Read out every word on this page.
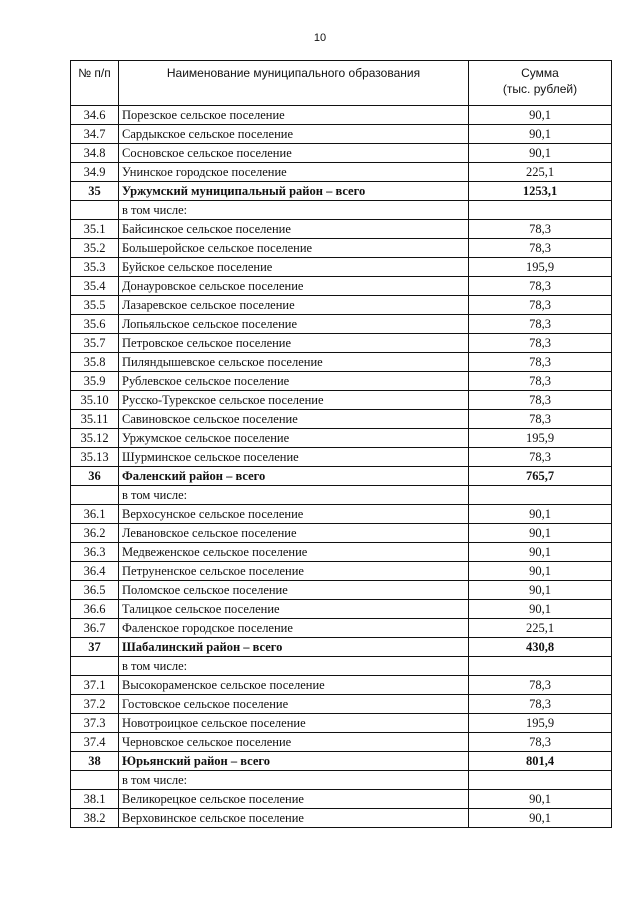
10
№ п/п	Наименование муниципального образования	Сумма
(тыс. рублей)

34.6	Порезское сельское поселение	90,1
34.7	Сардыкское сельское поселение	90,1
34.8	Сосновское сельское поселение	90,1
34.9	Унинское городское поселение	225,1
35	Уржумский муниципальный район – всего	1253,1
	в том числе:	
35.1	Байсинское сельское поселение	78,3
35.2	Большеройское сельское поселение	78,3
35.3	Буйское сельское поселение	195,9
35.4	Донауровское сельское поселение	78,3
35.5	Лазаревское сельское поселение	78,3
35.6	Лопьяльское сельское поселение	78,3
35.7	Петровское сельское поселение	78,3
35.8	Пиляндышевское сельское поселение	78,3
35.9	Рублевское сельское поселение	78,3
35.10	Русско-Турекское сельское поселение	78,3
35.11	Савиновское сельское поселение	78,3
35.12	Уржумское сельское поселение	195,9
35.13	Шурминское сельское поселение	78,3
36	Фаленский район – всего	765,7
	в том числе:	
36.1	Верхосунское сельское поселение	90,1
36.2	Левановское сельское поселение	90,1
36.3	Медвеженское сельское поселение	90,1
36.4	Петруненское сельское поселение	90,1
36.5	Поломское сельское поселение	90,1
36.6	Талицкое сельское поселение	90,1
36.7	Фаленское городское поселение	225,1
37	Шабалинский район – всего	430,8
	в том числе:	
37.1	Высокораменское сельское поселение	78,3
37.2	Гостовское сельское поселение	78,3
37.3	Новотроицкое сельское поселение	195,9
37.4	Черновское сельское поселение	78,3
38	Юрьянский район – всего	801,4
	в том числе:	
38.1	Великорецкое сельское поселение	90,1
38.2	Верховинское сельское поселение	90,1
